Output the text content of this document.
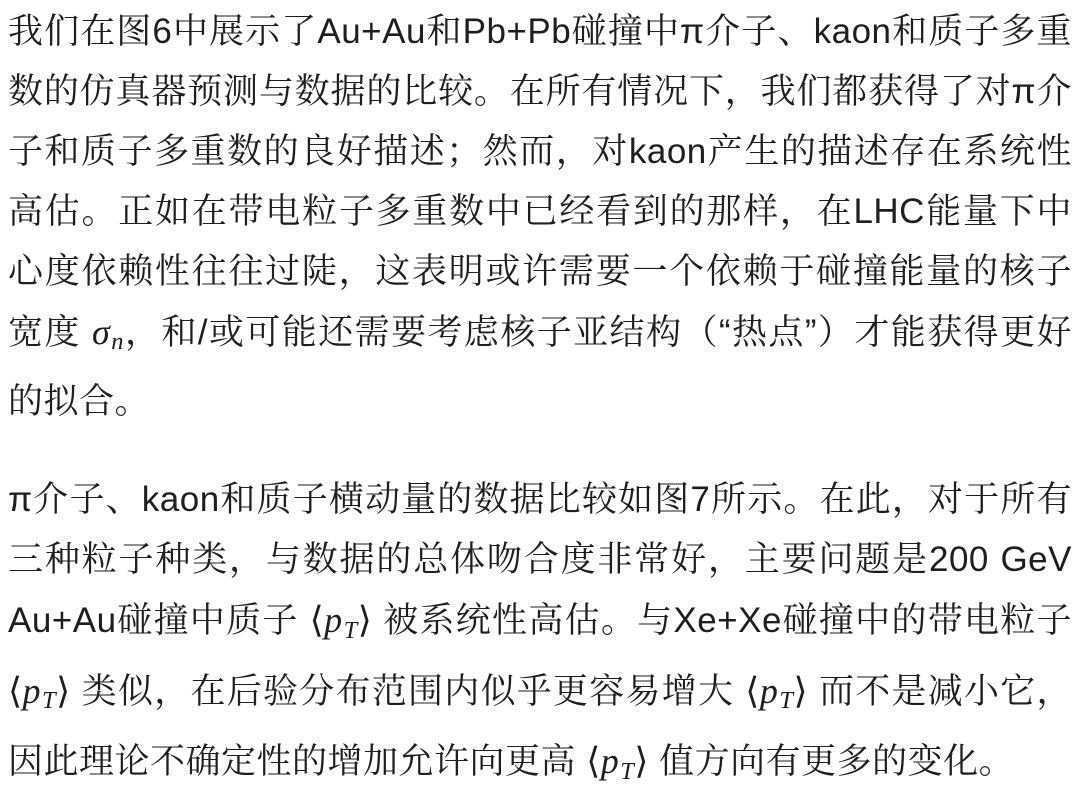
我们在图6中展示了Au+Au和Pb+Pb碰撞中π介子、kaon和质子多重数的仿真器预测与数据的比较。在所有情况下，我们都获得了对π介子和质子多重数的良好描述；然而，对kaon产生的描述存在系统性高估。正如在带电粒子多重数中已经看到的那样，在LHC能量下中心度依赖性往往过陡，这表明或许需要一个依赖于碰撞能量的核子宽度 σn，和/或可能还需要考虑核子亚结构（“热点”）才能获得更好的拟合。

π介子、kaon和质子横动量的数据比较如图7所示。在此，对于所有三种粒子种类，与数据的总体吻合度非常好，主要问题是200 GeV Au+Au碰撞中质子 ⟨pT⟩ 被系统性高估。与Xe+Xe碰撞中的带电粒子 ⟨pT⟩ 类似，在后验分布范围内似乎更容易增大 ⟨pT⟩ 而不是减小它，因此理论不确定性的增加允许向更高 ⟨pT⟩ 值方向有更多的变化。
